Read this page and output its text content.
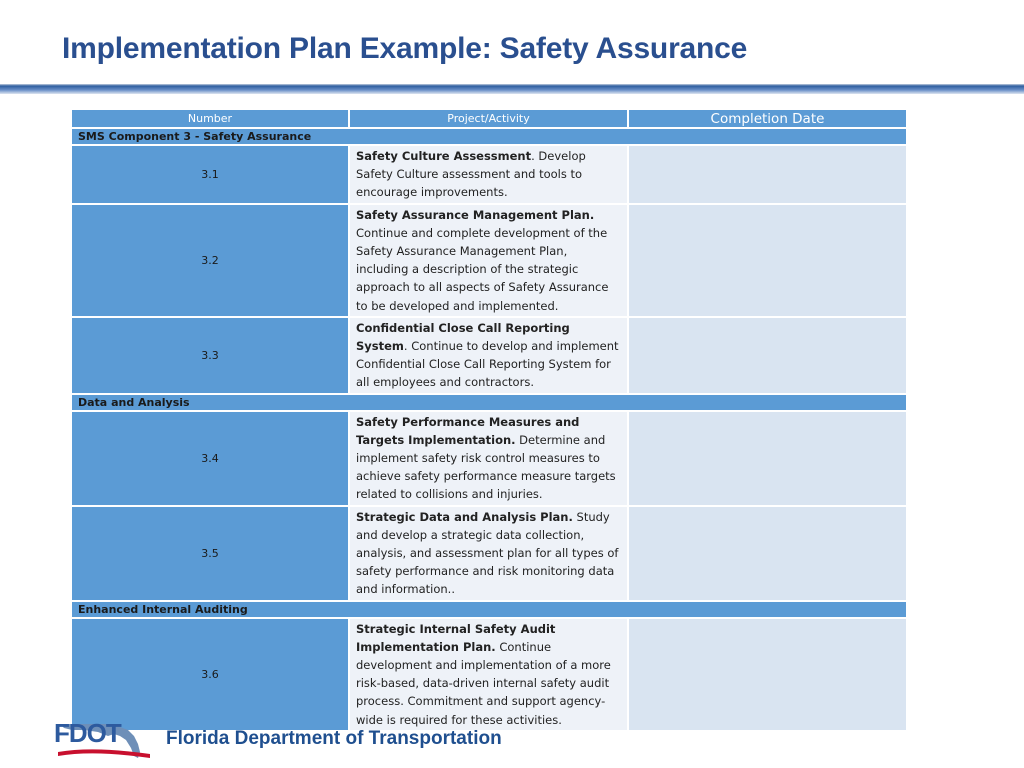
Implementation Plan Example: Safety Assurance
Number	Project/Activity	Completion Date
SMS Component 3 - Safety Assurance		
3.1	Safety Culture Assessment. Develop Safety Culture assessment and tools to encourage improvements.	
3.2	Safety Assurance Management Plan. Continue and complete development of the Safety Assurance Management Plan, including a description of the strategic approach to all aspects of Safety Assurance to be developed and implemented.	
3.3	Confidential Close Call Reporting System. Continue to develop and implement Confidential Close Call Reporting System for all employees and contractors.	
Data and Analysis		
3.4	Safety Performance Measures and Targets Implementation. Determine and implement safety risk control measures to achieve safety performance measure targets related to collisions and injuries.	
3.5	Strategic Data and Analysis Plan. Study and develop a strategic data collection, analysis, and assessment plan for all types of safety performance and risk monitoring data and information..	
Enhanced Internal Auditing		
3.6	Strategic Internal Safety Audit Implementation Plan. Continue development and implementation of a more risk-based, data-driven internal safety audit process. Commitment and support agency-wide is required for these activities.	
FDOT Florida Department of Transportation
